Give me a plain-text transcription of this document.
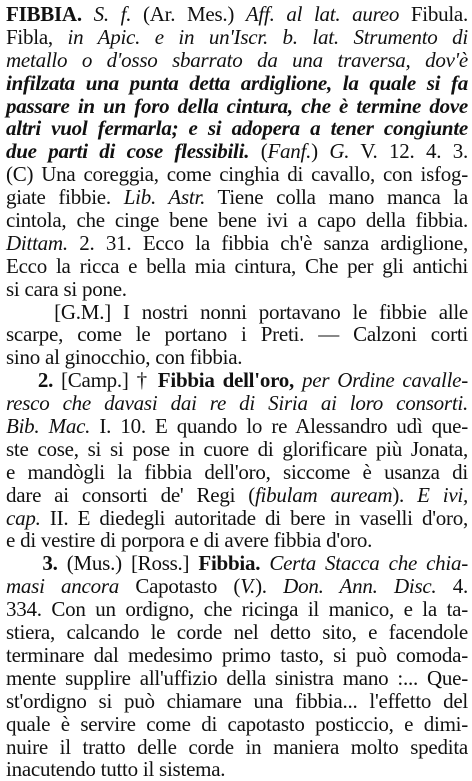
FIBBIA. S. f. (Ar. Mes.) Aff. al lat. aureo Fibula.
Fibla, in Apic. e in un'Iscr. b. lat. Strumento di
metallo o d'osso sbarrato da una traversa, dov'è
infilzata una punta detta ardiglione, la quale si fa
passare in un foro della cintura, che è termine dove
altri vuol fermarla; e si adopera a tener congiunte
due parti di cose flessibili. (Fanf.) G. V. 12. 4. 3.
(C) Una coreggia, come cinghia di cavallo, con isfog-
giate fibbie. Lib. Astr. Tiene colla mano manca la
cintola, che cinge bene bene ivi a capo della fibbia.
Dittam. 2. 31. Ecco la fibbia ch'è sanza ardiglione,
Ecco la ricca e bella mia cintura, Che per gli antichi
si cara si pone.
[G.M.] I nostri nonni portavano le fibbie alle
scarpe, come le portano i Preti. — Calzoni corti
sino al ginocchio, con fibbia.
2. [Camp.] † Fibbia dell'oro, per Ordine cavalle-
resco che davasi dai re di Siria ai loro consorti.
Bib. Mac. I. 10. E quando lo re Alessandro udì que-
ste cose, si si pose in cuore di glorificare più Jonata,
e mandògli la fibbia dell'oro, siccome è usanza di
dare ai consorti de' Regi (fibulam auream). E ivi,
cap. II. E diedegli autoritade di bere in vaselli d'oro,
e di vestire di porpora e di avere fibbia d'oro.
3. (Mus.) [Ross.] Fibbia. Certa Stacca che chia-
masi ancora Capotasto (V.). Don. Ann. Disc. 4.
334. Con un ordigno, che ricinga il manico, e la ta-
stiera, calcando le corde nel detto sito, e facendole
terminare dal medesimo primo tasto, si può comoda-
mente supplire all'uffizio della sinistra mano :... Que-
st'ordigno si può chiamare una fibbia... l'effetto del
quale è servire come di capotasto posticcio, e dimi-
nuire il tratto delle corde in maniera molto spedita
inacutendo tutto il sistema.
